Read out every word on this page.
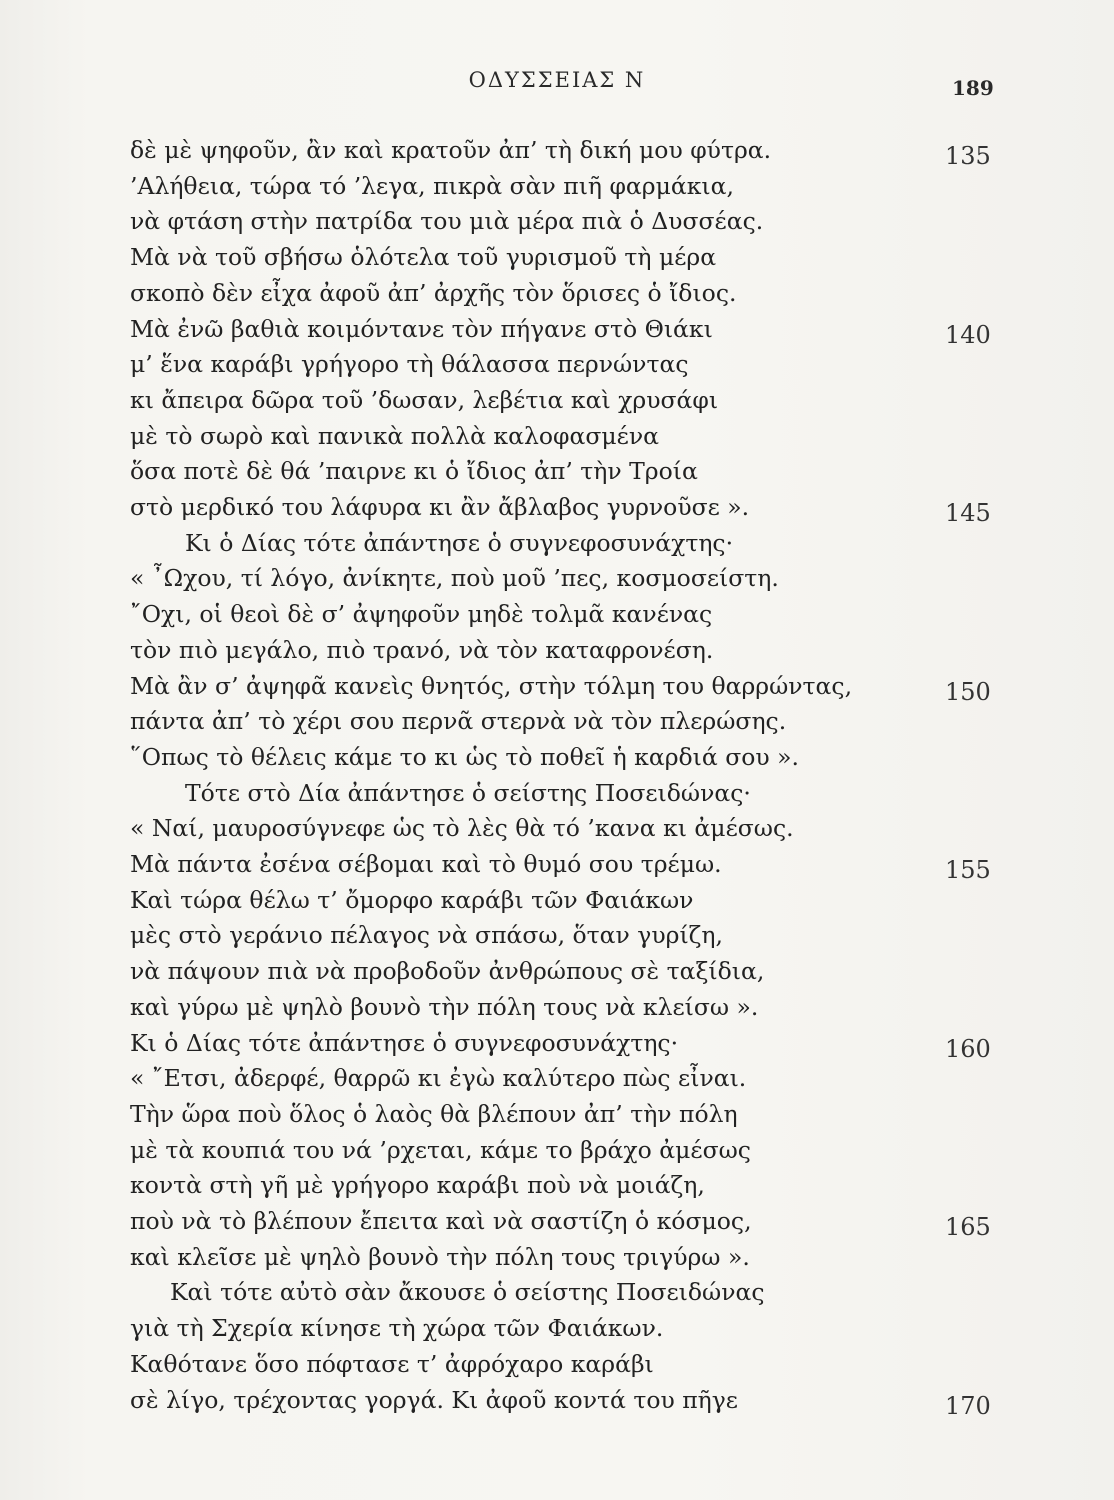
ΟΔΥΣΣΕΙΑΣ Ν	189
δὲ μὲ ψηφοῦν, ἂν καὶ κρατοῦν ἀπ’ τὴ δική μου φύτρα.	135
’Αλήθεια, τώρα τό ’λεγα, πικρὰ σὰν πιῆ φαρμάκια,
νὰ φτάση στὴν πατρίδα του μιὰ μέρα πιὰ ὁ Δυσσέας.
Μὰ νὰ τοῦ σβήσω ὁλότελα τοῦ γυρισμοῦ τὴ μέρα
σκοπὸ δὲν εἶχα ἀφοῦ ἀπ’ ἀρχῆς τὸν ὅρισες ὁ ἴδιος.
Μὰ ἐνῶ βαθιὰ κοιμόντανε τὸν πήγανε στὸ Θιάκι	140
μ’ ἕνα καράβι γρήγορο τὴ θάλασσα περνώντας
κι ἄπειρα δῶρα τοῦ ’δωσαν, λεβέτια καὶ χρυσάφι
μὲ τὸ σωρὸ καὶ πανικὰ πολλὰ καλοφασμένα
ὅσα ποτὲ δὲ θά ’παιρνε κι ὁ ἴδιος ἀπ’ τὴν Τροία
στὸ μερδικό του λάφυρα κι ἂν ἄβλαβος γυρνοῦσε ».	145
Κι ὁ Δίας τότε ἀπάντησε ὁ συγνεφοσυνάχτης·
« ῏Ωχου, τί λόγο, ἀνίκητε, ποὺ μοῦ ’πες, κοσμοσείστη.
῎Οχι, οἱ θεοὶ δὲ σ’ ἀψηφοῦν μηδὲ τολμᾶ κανένας
τὸν πιὸ μεγάλο, πιὸ τρανό, νὰ τὸν καταφρονέση.
Μὰ ἂν σ’ ἀψηφᾶ κανεὶς θνητός, στὴν τόλμη του θαρρώντας,	150
πάντα ἀπ’ τὸ χέρι σου περνᾶ στερνὰ νὰ τὸν πλερώσης.
῞Οπως τὸ θέλεις κάμε το κι ὡς τὸ ποθεῖ ἡ καρδιά σου ».
Τότε στὸ Δία ἀπάντησε ὁ σείστης Ποσειδώνας·
« Ναί, μαυροσύγνεφε ὡς τὸ λὲς θὰ τό ’κανα κι ἀμέσως.
Μὰ πάντα ἐσένα σέβομαι καὶ τὸ θυμό σου τρέμω.	155
Καὶ τώρα θέλω τ’ ὄμορφο καράβι τῶν Φαιάκων
μὲς στὸ γεράνιο πέλαγος νὰ σπάσω, ὅταν γυρίζη,
νὰ πάψουν πιὰ νὰ προβοδοῦν ἀνθρώπους σὲ ταξίδια,
καὶ γύρω μὲ ψηλὸ βουνὸ τὴν πόλη τους νὰ κλείσω ».
Κι ὁ Δίας τότε ἀπάντησε ὁ συγνεφοσυνάχτης·	160
« ῎Ετσι, ἀδερφέ, θαρρῶ κι ἐγὼ καλύτερο πὼς εἶναι.
Τὴν ὥρα ποὺ ὅλος ὁ λαὸς θὰ βλέπουν ἀπ’ τὴν πόλη
μὲ τὰ κουπιά του νά ’ρχεται, κάμε το βράχο ἀμέσως
κοντὰ στὴ γῆ μὲ γρήγορο καράβι ποὺ νὰ μοιάζη,
ποὺ νὰ τὸ βλέπουν ἔπειτα καὶ νὰ σαστίζη ὁ κόσμος,	165
καὶ κλεῖσε μὲ ψηλὸ βουνὸ τὴν πόλη τους τριγύρω ».
Καὶ τότε αὐτὸ σὰν ἄκουσε ὁ σείστης Ποσειδώνας
γιὰ τὴ Σχερία κίνησε τὴ χώρα τῶν Φαιάκων.
Καθότανε ὅσο πόφτασε τ’ ἀφρόχαρο καράβι
σὲ λίγο, τρέχοντας γοργά. Κι ἀφοῦ κοντά του πῆγε	170
